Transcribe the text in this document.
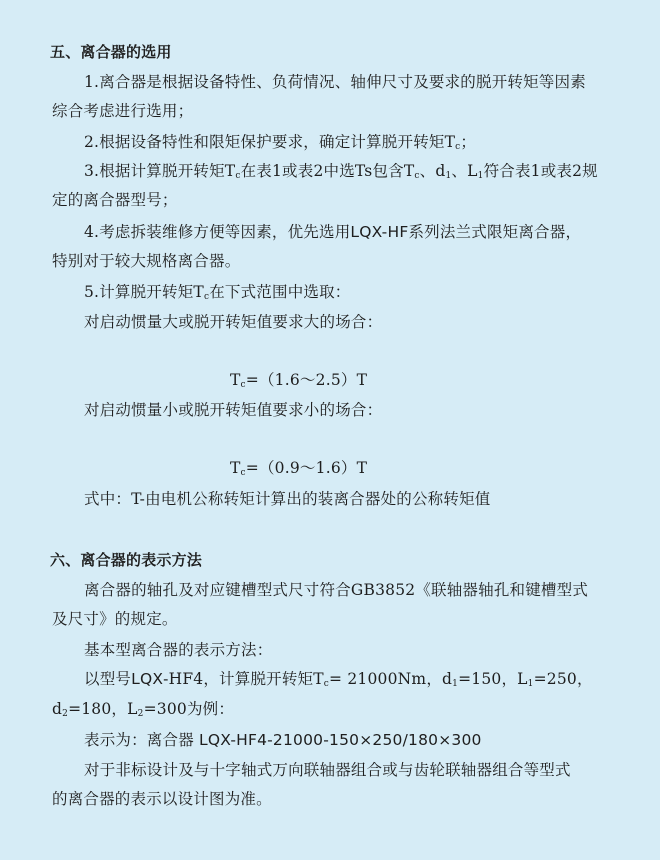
五、离合器的选用
1.离合器是根据设备特性、负荷情况、轴伸尺寸及要求的脱开转矩等因素
综合考虑进行选用；
2.根据设备特性和限矩保护要求，确定计算脱开转矩$T_c$；
3.根据计算脱开转矩$T_c$在表1或表2中选Ts包含$T_c$、$d_1$、$L_1$符合表1或表2规
定的离合器型号；
4.考虑拆装维修方便等因素，优先选用LQX-HF系列法兰式限矩离合器，
特别对于较大规格离合器。
5.计算脱开转矩$T_c$在下式范围中选取：
对启动惯量大或脱开转矩值要求大的场合：
$T_c=(1.6\sim 2.5)T$
对启动惯量小或脱开转矩值要求小的场合：
$T_c=(0.9\sim 1.6)T$
式中：T-由电机公称转矩计算出的装离合器处的公称转矩值
六、离合器的表示方法
离合器的轴孔及对应键槽型式尺寸符合GB3852《联轴器轴孔和键槽型式
及尺寸》的规定。
基本型离合器的表示方法：
以型号LQX-HF4，计算脱开转矩$T_c= 21000Nm$，$d_1=150$，$L_1=250$，
$d_2=180$，$L_2=300$为例：
表示为：离合器 LQX-HF4-21000-150×250/180×300
对于非标设计及与十字轴式万向联轴器组合或与齿轮联轴器组合等型式
的离合器的表示以设计图为准。
